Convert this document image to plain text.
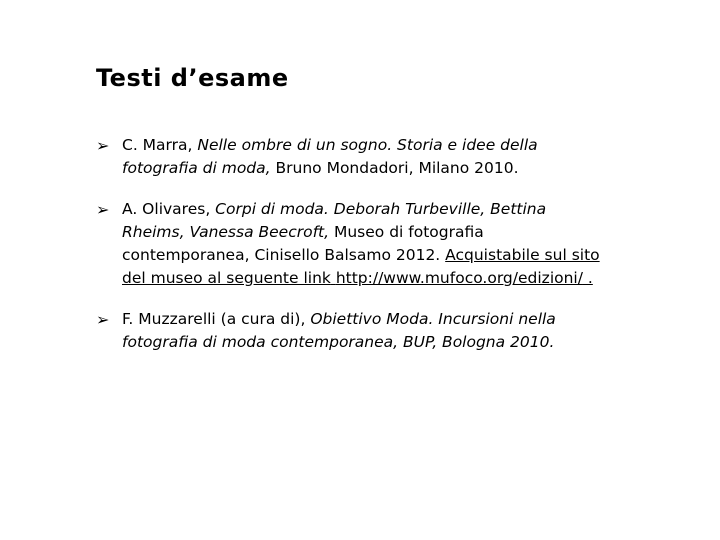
Testi d’esame
➢ C. Marra, Nelle ombre di un sogno. Storia e idee della fotografia di moda, Bruno Mondadori, Milano 2010.
➢ A. Olivares, Corpi di moda. Deborah Turbeville, Bettina Rheims, Vanessa Beecroft, Museo di fotografia contemporanea, Cinisello Balsamo 2012. Acquistabile sul sito del museo al seguente link http://www.mufoco.org/edizioni/ .
➢ F. Muzzarelli (a cura di), Obiettivo Moda. Incursioni nella fotografia di moda contemporanea, BUP, Bologna 2010.
